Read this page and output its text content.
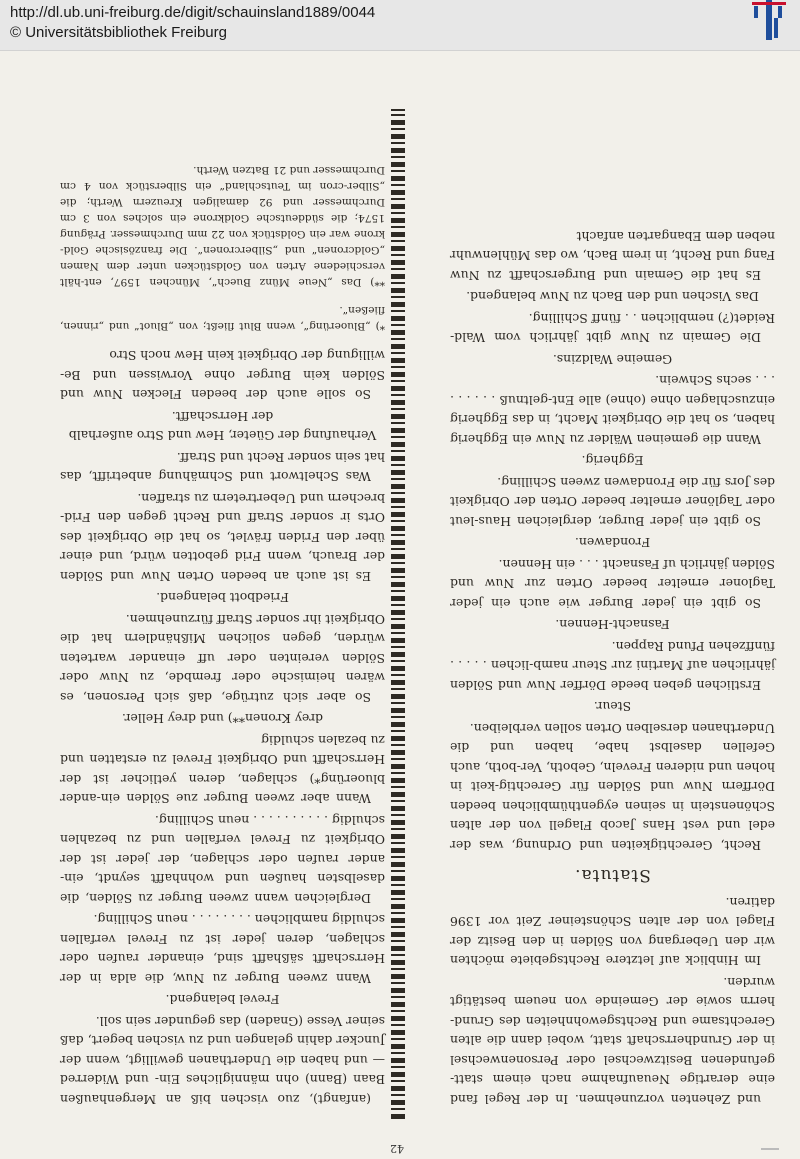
http://dl.ub.uni-freiburg.de/digit/schauinsland1889/0044
© Universitätsbibliothek Freiburg
42

und Zehenten vorzunehmen. In der Regel fand eine derartige Neuaufnahme nach einem statt-gefundenen Besitzwechsel oder Personenwechsel in der Grundherrschaft statt, wobei dann die alten Gerechtsame und Rechtsgewohnheiten des Grund-herrn sowie der Gemeinde von neuem bestätigt wurden.

Im Hinblick auf letztere Rechtsgebiete möchten wir den Uebergang von Sölden in den Besitz der Flagel von der alten Schönsteiner Zeit vor 1396 datiren.

Statuta.

Recht, Gerechtigkeiten und Ordnung, was der edel und vest Hans Jacob Flagell von der alten Schönenstein in seinen eygenthümblichen beeden Dörffern Nuw und Sölden für Gerechtig-keit in hohen und nideren Freveln, Geboth, Ver-both, auch Gefellen daselbst habe, haben und die Underthanen derselben Orten sollen verbleiben.

Steur.

Erstlichen geben beede Dörffer Nuw und Sölden jährlichen auf Martini zur Steur namb-lichen . . . . . fünffzehen Pfund Rappen.

Fasnacht-Hennen.

So gibt ein jeder Burger wie auch ein jeder Tagloner ernelter beeder Orten zur Nuw und Sölden jährlich uf Fasnacht . . . ein Hennen.

Frondawen.

So gibt ein jeder Burger, dergleichen Haus-leut oder Taglöner ernelter beeder Orten der Obrigkeit des Jors für die Frondawen zween Schilling.

Eggherig.

Wann die gemeinen Wälder zu Nuw ein Eggherig haben, so hat die Obrigkeit Macht, in das Eggherig einzuschlagen ohne (ohne) alle Ent-geltnuß . . . . . . . . . sechs Schwein.

Gemeine Waldzins.

Die Gemain zu Nuw gibt jährlich vom Wald-Reidet(?) nemblichen . . fünff Schilling.

Das Vischen und den Bach zu Nuw belangend.

Es hat die Gemain und Burgerschafft zu Nuw Fang und Recht, in irem Bach, wo das Mühlenwuhr neben dem Ebangarten anfacht

(anfangt), zuo vischen biß an Mergenhaußen Baan (Bann) ohn männigliches Ein- und Widerred — und haben die Underthanen gewilligt, wenn der Juncker dahin gelangen und zu vischen begert, daß seiner Vesse (Gnaden) das gegunder sein soll.

Frevel belangend.

Wann zween Burger zu Nuw, die alda in der Herrschafft säßhafft sind, einander raufen oder schlagen, deren jeder ist zu Frevel verfallen schuldig namblichen . . . . . . . . neun Schilling.

Dergleichen wann zween Burger zu Sölden, die daselbsten haußen und wohnhafft seyndt, ein-ander raufen oder schlagen, der jeder ist der Obrigkeit zu Frevel verfallen und zu bezahlen schuldig . . . . . . . . . . neun Schilling.

Wann aber zween Burger zue Sölden ein-ander bluoerüng*) schlagen, deren yetlicher ist der Herrschafft und Obrigkeit Frevel zu erstatten und zu bezalen schuldig

drey Kronen**) und drey Heller.

So aber sich zutrüge, daß sich Personen, es wären heimische oder frembde, zu Nuw oder Sölden vereinten oder uff einander warteten würden, gegen solichen Mißhändlern hat die Obrigkeit ihr sonder Straff fürzunehmen.

Friedbott belangend.

Es ist auch an beeden Orten Nuw und Sölden der Brauch, wenn Frid gebotten würd, und einer über den Friden frävlet, so hat die Obrigkeit des Orts ir sonder Straff und Recht gegen den Frid-brechern und Uebertretern zu straffen.

Was Scheltwort und Schmähung anbetrifft, das hat sein sonder Recht und Straff.

Verhaufung der Güeter, Hew und Stro außerhalb der Herrschafft.

So solle auch der beeden Flecken Nuw und Sölden kein Burger ohne Vorwissen und Be-willigung der Obrigkeit kein Hew noch Stro

*) „Bluoerüng“, wenn Blut fließt; von „Bluot“ und „rinnen, fließen“.

**) Das „Neue Münz Buech“, München 1597, ent-hält verschiedene Arten von Goldstücken unter dem Namen „Goldcronen“ und „Silbercronen“. Die französische Gold-krone war ein Goldstück von 22 mm Durchmesser. Prägung 1574; die süddeutsche Goldkrone ein solches von 3 cm Durchmesser und 92 damaligen Kreuzern Werth; die „Silber-cron im Teutschland“ ein Silberstück von 4 cm Durchmesser und 21 Batzen Werth.
